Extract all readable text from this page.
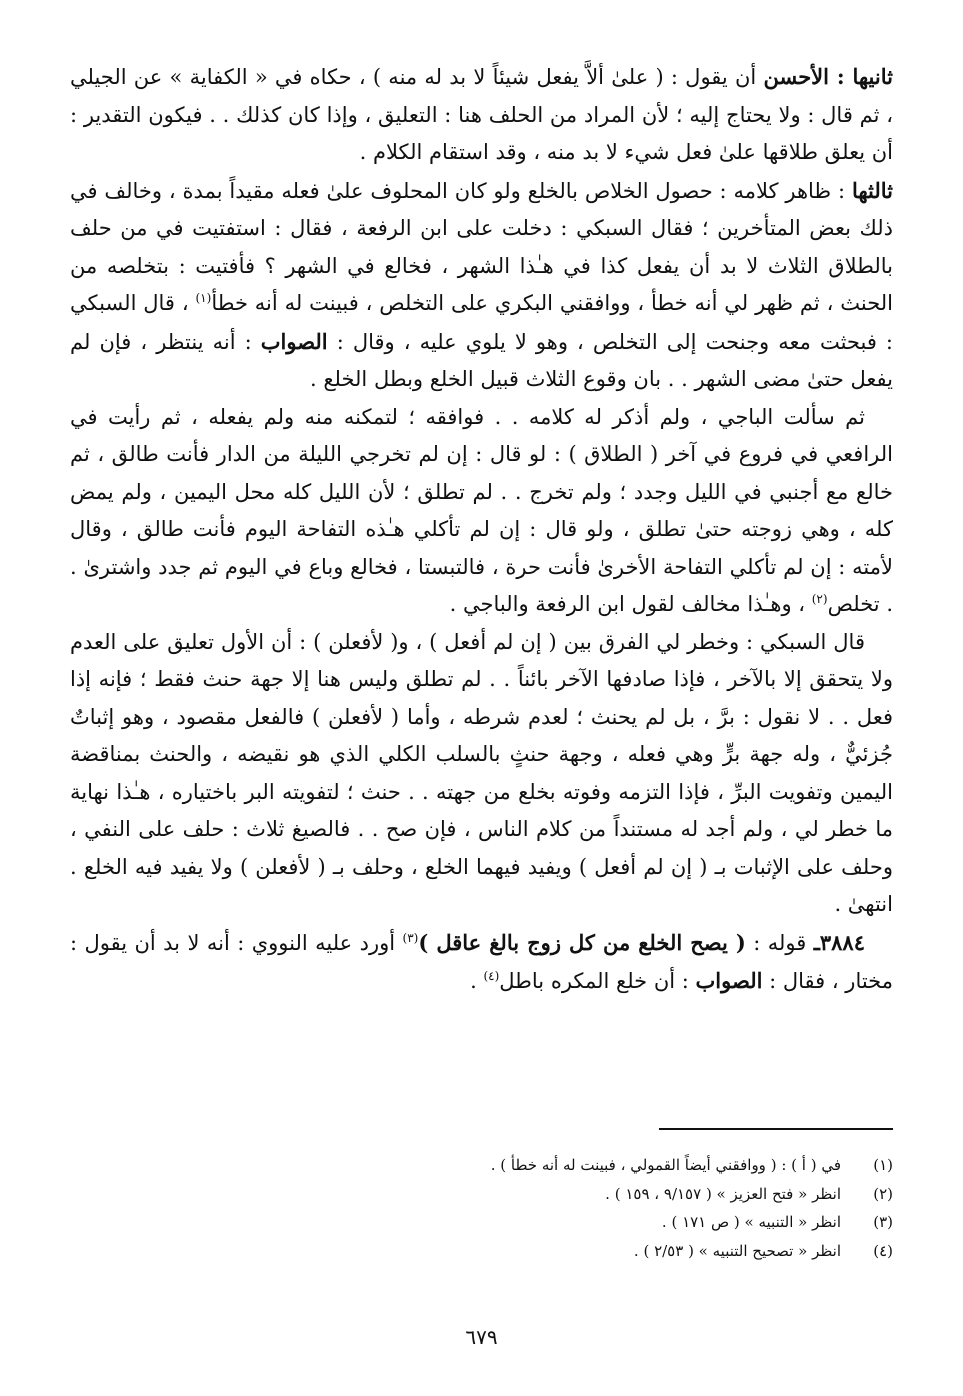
ثانيها : الأحسن أن يقول : ( علىٰ ألاَّ يفعل شيئاً لا بد له منه ) ، حكاه في « الكفاية » عن الجيلي ، ثم قال : ولا يحتاج إليه ؛ لأن المراد من الحلف هنا : التعليق ، وإذا كان كذلك . . فيكون التقدير : أن يعلق طلاقها علىٰ فعل شيء لا بد منه ، وقد استقام الكلام .

ثالثها : ظاهر كلامه : حصول الخلاص بالخلع ولو كان المحلوف علىٰ فعله مقيداً بمدة ، وخالف في ذلك بعض المتأخرين ؛ فقال السبكي : دخلت على ابن الرفعة ، فقال : استفتيت في من حلف بالطلاق الثلاث لا بد أن يفعل كذا في هـٰذا الشهر ، فخالع في الشهر ؟ فأفتيت : بتخلصه من الحنث ، ثم ظهر لي أنه خطأ ، ووافقني البكري على التخلص ، فبينت له أنه خطأ$^{(١)}$ ، قال السبكي : فبحثت معه وجنحت إلى التخلص ، وهو لا يلوي عليه ، وقال : الصواب : أنه ينتظر ، فإن لم يفعل حتىٰ مضى الشهر . . بان وقوع الثلاث قبيل الخلع وبطل الخلع .

ثم سألت الباجي ، ولم أذكر له كلامه . . فوافقه ؛ لتمكنه منه ولم يفعله ، ثم رأيت في الرافعي في فروع في آخر ( الطلاق ) : لو قال : إن لم تخرجي الليلة من الدار فأنت طالق ، ثم خالع مع أجنبي في الليل وجدد ؛ ولم تخرج . . لم تطلق ؛ لأن الليل كله محل اليمين ، ولم يمض كله ، وهي زوجته حتىٰ تطلق ، ولو قال : إن لم تأكلي هـٰذه التفاحة اليوم فأنت طالق ، وقال لأمته : إن لم تأكلي التفاحة الأخرىٰ فأنت حرة ، فالتبستا ، فخالع وباع في اليوم ثم جدد واشترىٰ . . تخلص$^{(٢)}$ ، وهـٰذا مخالف لقول ابن الرفعة والباجي .

قال السبكي : وخطر لي الفرق بين ( إن لم أفعل ) ، و( لأفعلن ) : أن الأول تعليق على العدم ولا يتحقق إلا بالآخر ، فإذا صادفها الآخر بائناً . . لم تطلق وليس هنا إلا جهة حنث فقط ؛ فإنه إذا فعل . . لا نقول : برَّ ، بل لم يحنث ؛ لعدم شرطه ، وأما ( لأفعلن ) فالفعل مقصود ، وهو إثباتٌ جُزئيٌّ ، وله جهة برٍّ وهي فعله ، وجهة حنثٍ بالسلب الكلي الذي هو نقيضه ، والحنث بمناقضة اليمين وتفويت البرِّ ، فإذا التزمه وفوته بخلع من جهته . . حنث ؛ لتفويته البر باختياره ، هـٰذا نهاية ما خطر لي ، ولم أجد له مستنداً من كلام الناس ، فإن صح . . فالصيغ ثلاث : حلف على النفي ، وحلف على الإثبات بـ ( إن لم أفعل ) ويفيد فيهما الخلع ، وحلف بـ ( لأفعلن ) ولا يفيد فيه الخلع . انتهىٰ .

٣٨٨٤ـ قوله : ( يصح الخلع من كل زوج بالغ عاقل )$^{(٣)}$ أورد عليه النووي : أنه لا بد أن يقول : مختار ، فقال : الصواب : أن خلع المكره باطل$^{(٤)}$ .

(١)
في ( أ ) : ( ووافقني أيضاً القمولي ، فبينت له أنه خطأ ) .
(٢)
انظر « فتح العزيز » ( ٩/١٥٧ ، ١٥٩ ) .
(٣)
انظر « التنبيه » ( ص ١٧١ ) .
(٤)
انظر « تصحيح التنبيه » ( ٢/٥٣ ) .
٦٧٩
